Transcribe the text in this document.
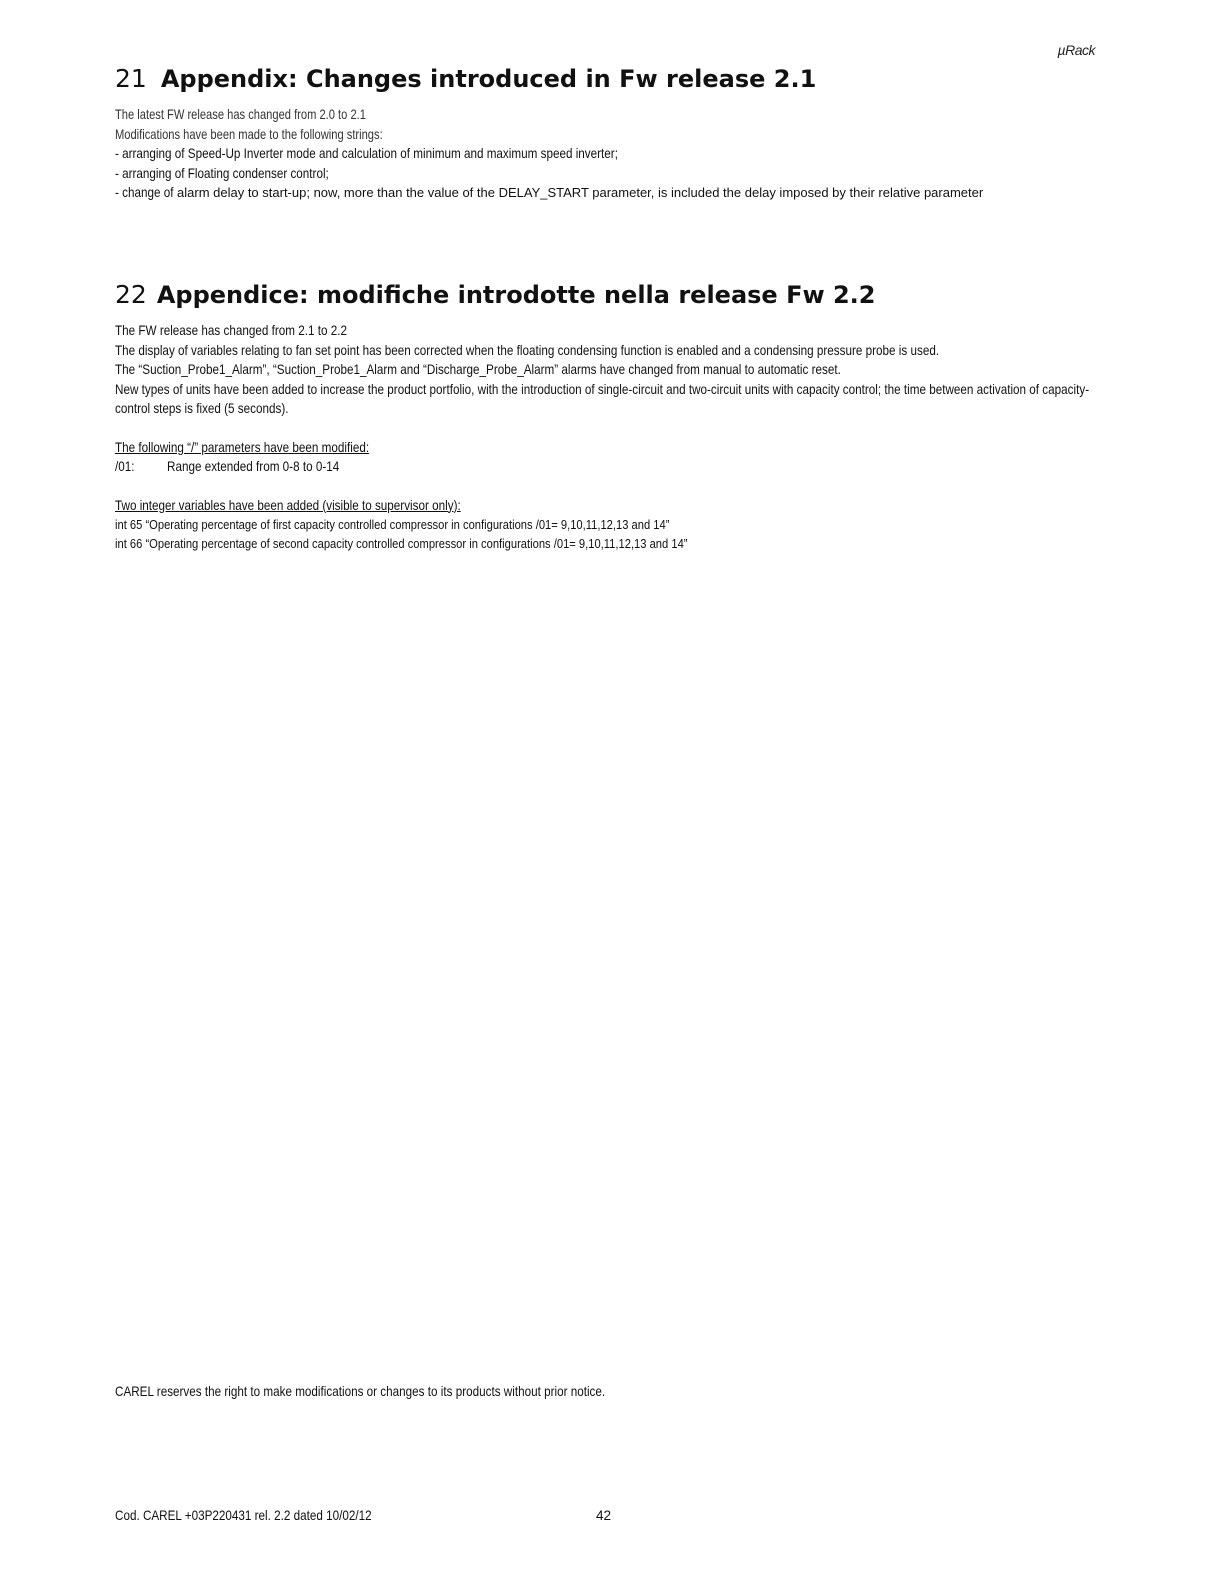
µRack
21 Appendix: Changes introduced in Fw release 2.1
The latest FW release has changed from 2.0 to 2.1
Modifications have been made to the following strings:
- arranging of Speed-Up Inverter mode and calculation of minimum and maximum speed inverter;
- arranging of Floating condenser control;
- change of alarm delay to start-up; now, more than the value of the DELAY_START parameter, is included the delay imposed by their relative parameter
22 Appendice: modifiche introdotte nella release Fw 2.2
The FW release has changed from 2.1 to 2.2
The display of variables relating to fan set point has been corrected when the floating condensing function is enabled and a condensing pressure probe is used.
The “Suction_Probe1_Alarm”, “Suction_Probe1_Alarm and “Discharge_Probe_Alarm” alarms have changed from manual to automatic reset.
New types of units have been added to increase the product portfolio, with the introduction of single-circuit and two-circuit units with capacity control; the time between activation of capacity-control steps is fixed (5 seconds).
The following “/” parameters have been modified:
/01:	Range extended from 0-8 to 0-14
Two integer variables have been added (visible to supervisor only):
int 65 “Operating percentage of first capacity controlled compressor in configurations /01= 9,10,11,12,13 and 14”
int 66 “Operating percentage of second capacity controlled compressor in configurations /01= 9,10,11,12,13 and 14”
CAREL reserves the right to make modifications or changes to its products without prior notice.
Cod. CAREL +03P220431 rel. 2.2 dated 10/02/12	42
